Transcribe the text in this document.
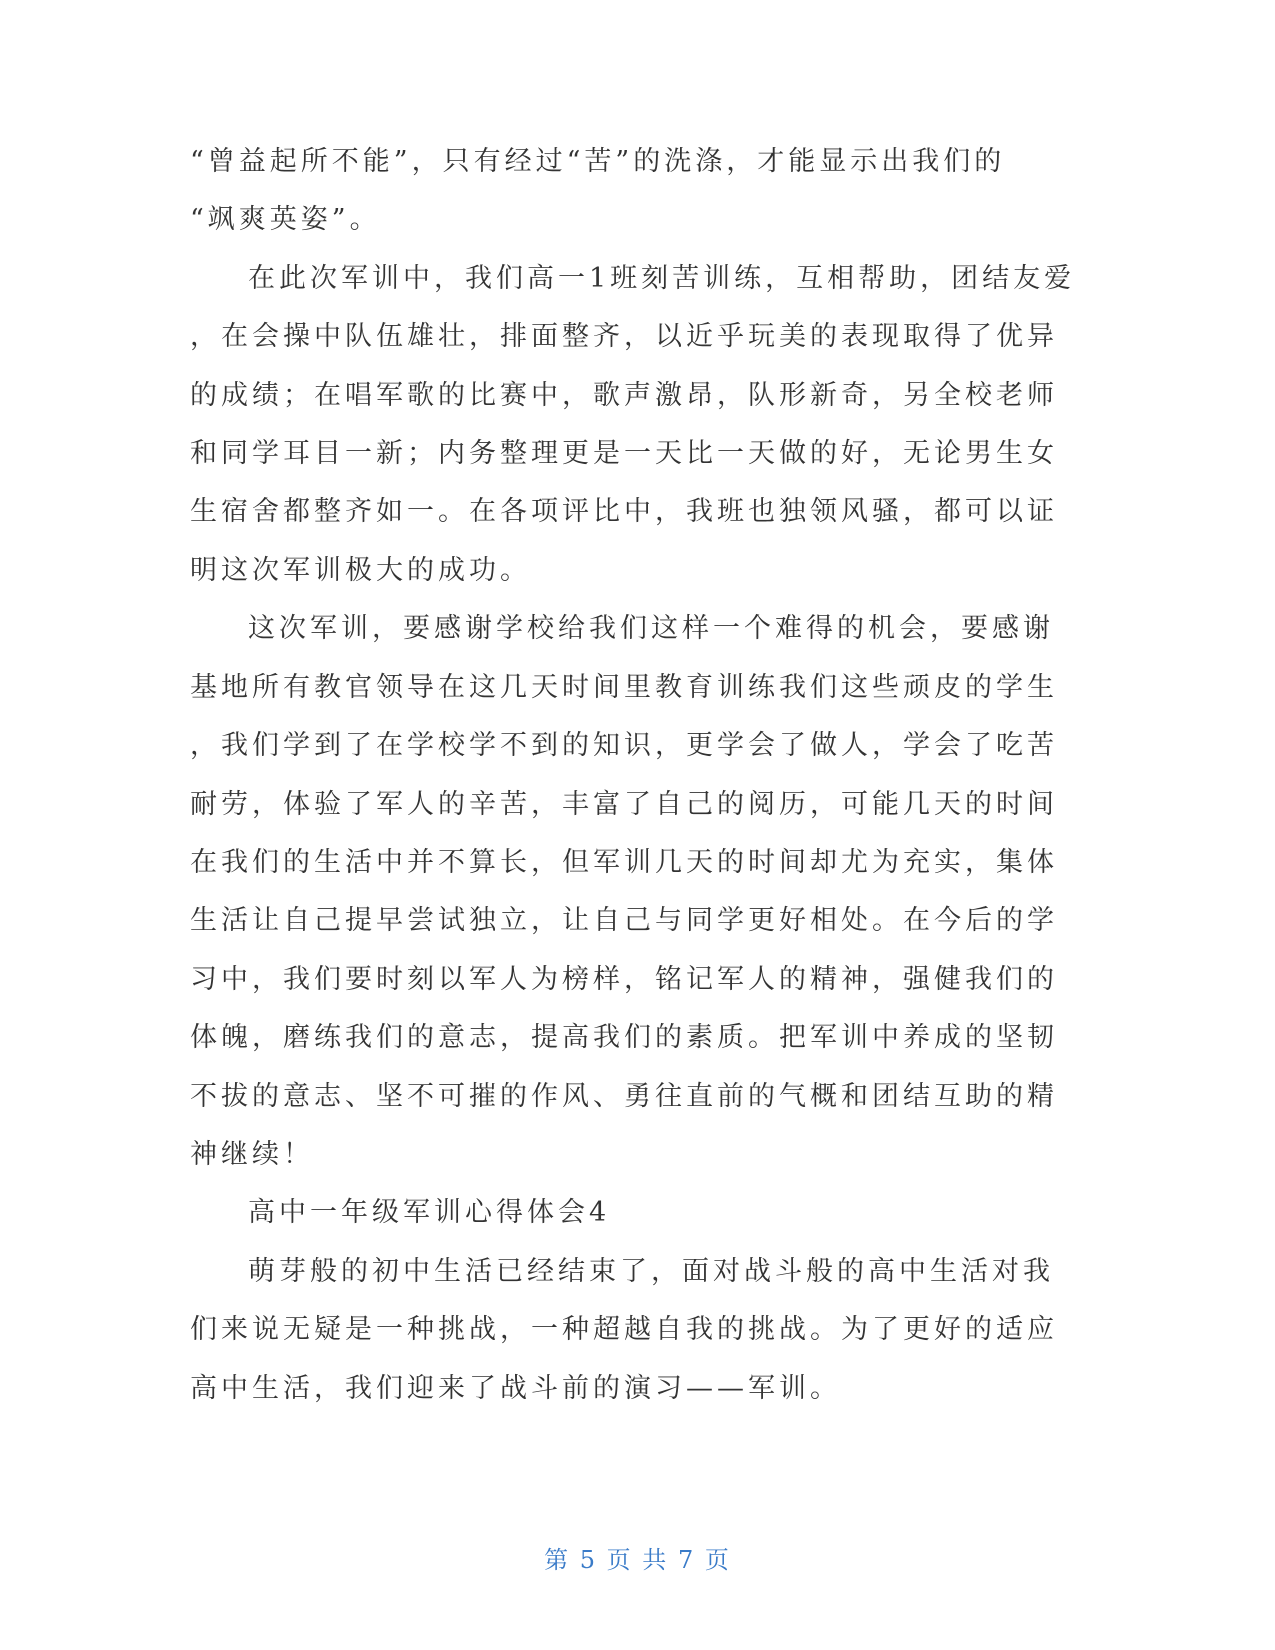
“曾益起所不能”，只有经过“苦”的洗涤，才能显示出我们的
“飒爽英姿”。
在此次军训中，我们高一1班刻苦训练，互相帮助，团结友爱
，在会操中队伍雄壮，排面整齐，以近乎玩美的表现取得了优异
的成绩；在唱军歌的比赛中，歌声激昂，队形新奇，另全校老师
和同学耳目一新；内务整理更是一天比一天做的好，无论男生女
生宿舍都整齐如一。在各项评比中，我班也独领风骚，都可以证
明这次军训极大的成功。
这次军训，要感谢学校给我们这样一个难得的机会，要感谢
基地所有教官领导在这几天时间里教育训练我们这些顽皮的学生
，我们学到了在学校学不到的知识，更学会了做人，学会了吃苦
耐劳，体验了军人的辛苦，丰富了自己的阅历，可能几天的时间
在我们的生活中并不算长，但军训几天的时间却尤为充实，集体
生活让自己提早尝试独立，让自己与同学更好相处。在今后的学
习中，我们要时刻以军人为榜样，铭记军人的精神，强健我们的
体魄，磨练我们的意志，提高我们的素质。把军训中养成的坚韧
不拔的意志、坚不可摧的作风、勇往直前的气概和团结互助的精
神继续！
高中一年级军训心得体会4
萌芽般的初中生活已经结束了，面对战斗般的高中生活对我
们来说无疑是一种挑战，一种超越自我的挑战。为了更好的适应
高中生活，我们迎来了战斗前的演习——军训。
第 5 页 共 7 页
